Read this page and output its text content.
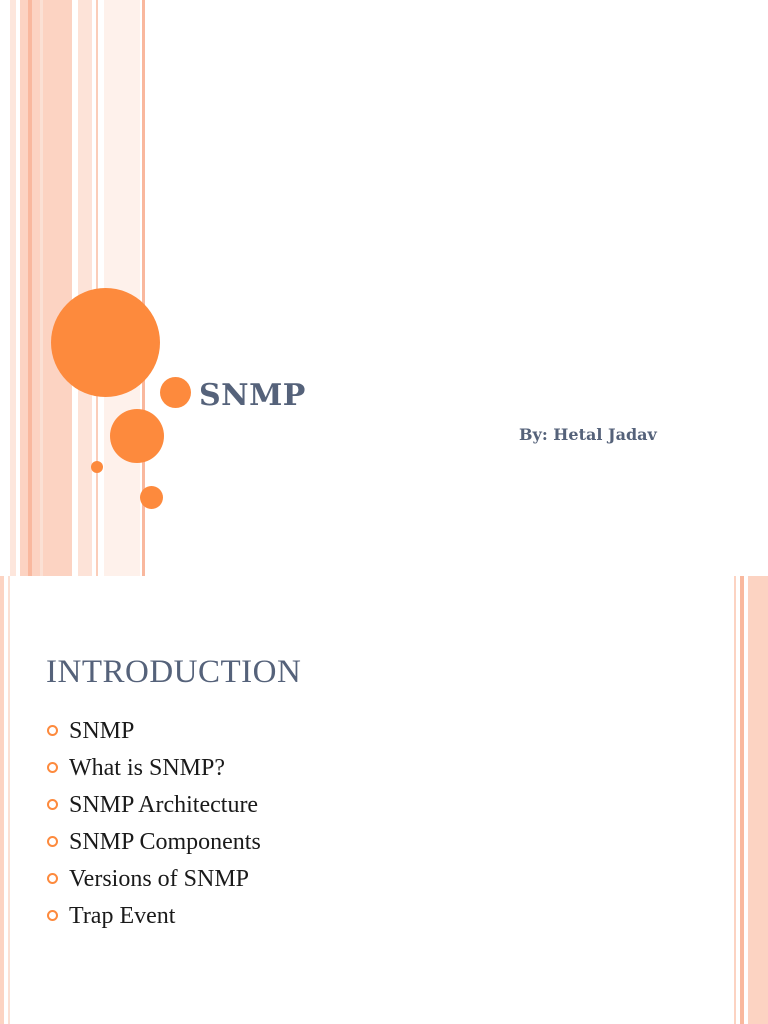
SNMP
By: Hetal Jadav
INTRODUCTION
SNMP
What is SNMP?
SNMP Architecture
SNMP Components
Versions of SNMP
Trap Event
